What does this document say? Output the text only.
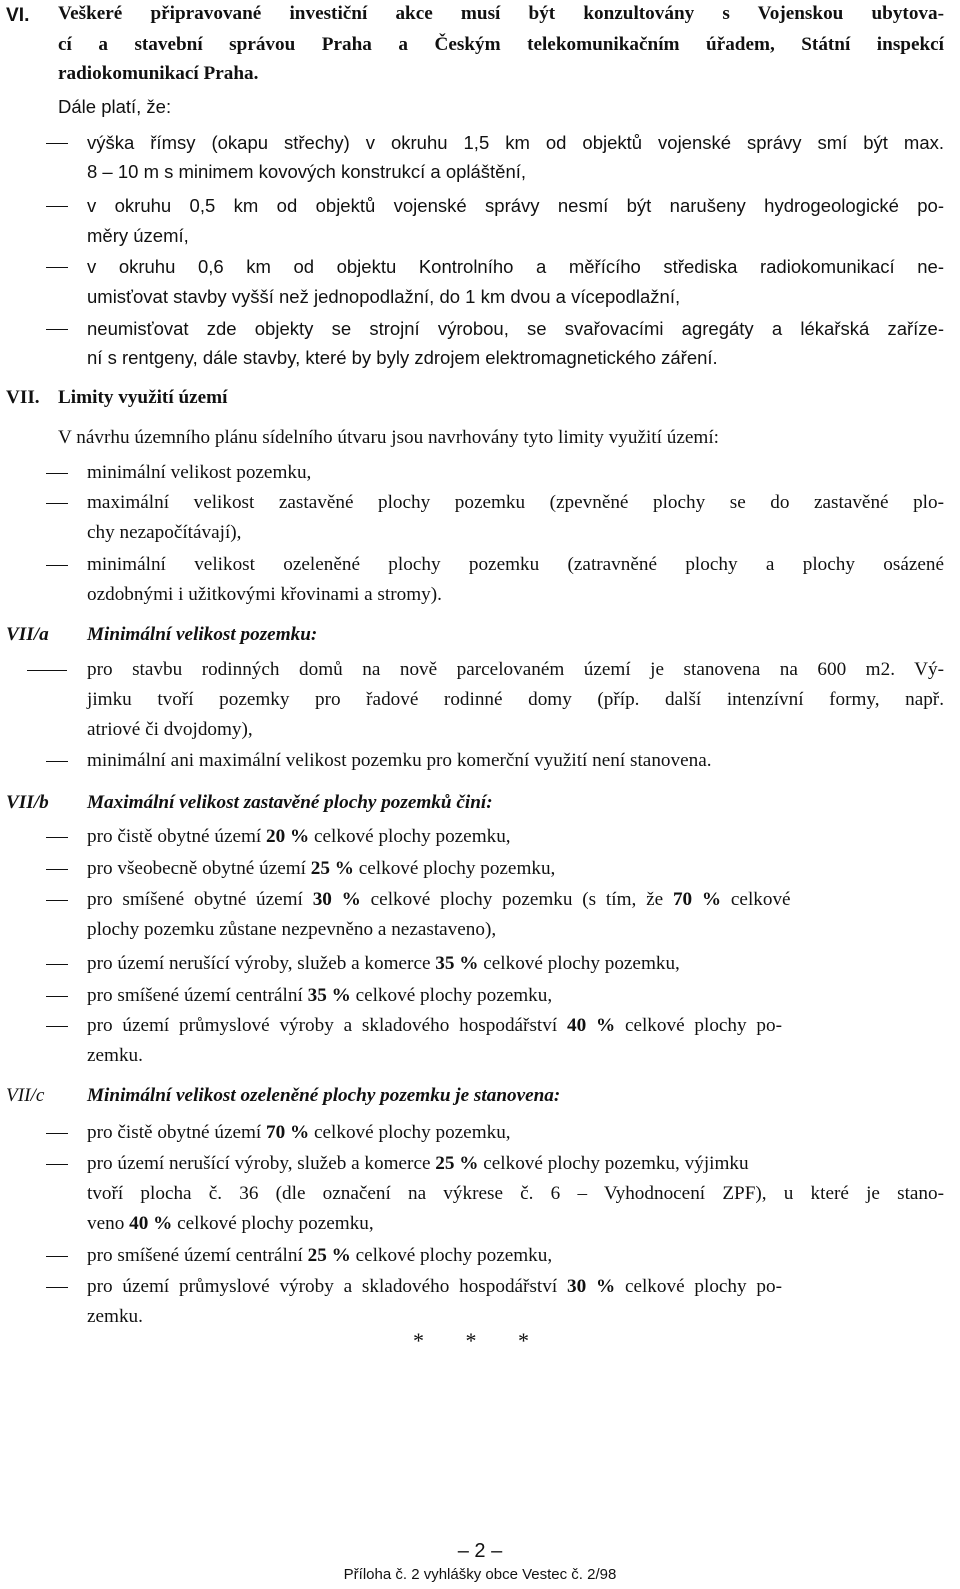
VI. Veškeré připravované investiční akce musí být konzultovány s Vojenskou ubytova-
cí a stavební správou Praha a Českým telekomunikačním úřadem, Státní inspekcí
radiokomunikací Praha.
Dále platí, že:
výška římsy (okapu střechy) v okruhu 1,5 km od objektů vojenské správy smí být max.
8 – 10 m s minimem kovových konstrukcí a opláštění,
v okruhu 0,5 km od objektů vojenské správy nesmí být narušeny hydrogeologické po-
měry území,
v okruhu 0,6 km od objektu Kontrolního a měřícího střediska radiokomunikací ne-
umisťovat stavby vyšší než jednopodlažní, do 1 km dvou a vícepodlažní,
neumisťovat zde objekty se strojní výrobou, se svařovacími agregáty a lékařská zaříze-
ní s rentgeny, dále stavby, které by byly zdrojem elektromagnetického záření.
VII. Limity využití území
V návrhu územního plánu sídelního útvaru jsou navrhovány tyto limity využití území:
minimální velikost pozemku,
maximální velikost zastavěné plochy pozemku (zpevněné plochy se do zastavěné plo-
chy nezapočítávají),
minimální velikost ozeleněné plochy pozemku (zatravněné plochy a plochy osázené
ozdobnými i užitkovými křovinami a stromy).
VII/a Minimální velikost pozemku:
pro stavbu rodinných domů na nově parcelovaném území je stanovena na 600 m2. Vý-
jimku tvoří pozemky pro řadové rodinné domy (příp. další intenzívní formy, např.
atriové či dvojdomy),
minimální ani maximální velikost pozemku pro komerční využití není stanovena.
VII/b Maximální velikost zastavěné plochy pozemků činí:
pro čistě obytné území 20 % celkové plochy pozemku,
pro všeobecně obytné území 25 % celkové plochy pozemku,
pro smíšené obytné území 30 % celkové plochy pozemku (s tím, že 70 % celkové
plochy pozemku zůstane nezpevněno a nezastaveno),
pro území nerušící výroby, služeb a komerce 35 % celkové plochy pozemku,
pro smíšené území centrální 35 % celkové plochy pozemku,
pro území průmyslové výroby a skladového hospodářství 40 % celkové plochy po-
zemku.
VII/c Minimální velikost ozeleněné plochy pozemku je stanovena:
pro čistě obytné území 70 % celkové plochy pozemku,
pro území nerušící výroby, služeb a komerce 25 % celkové plochy pozemku, výjimku
tvoří plocha č. 36 (dle označení na výkrese č. 6 – Vyhodnocení ZPF), u které je stano-
veno 40 % celkové plochy pozemku,
pro smíšené území centrální 25 % celkové plochy pozemku,
pro území průmyslové výroby a skladového hospodářství 30 % celkové plochy po-
zemku.
* * *
– 2 –
Příloha č. 2 vyhlášky obce Vestec č. 2/98
